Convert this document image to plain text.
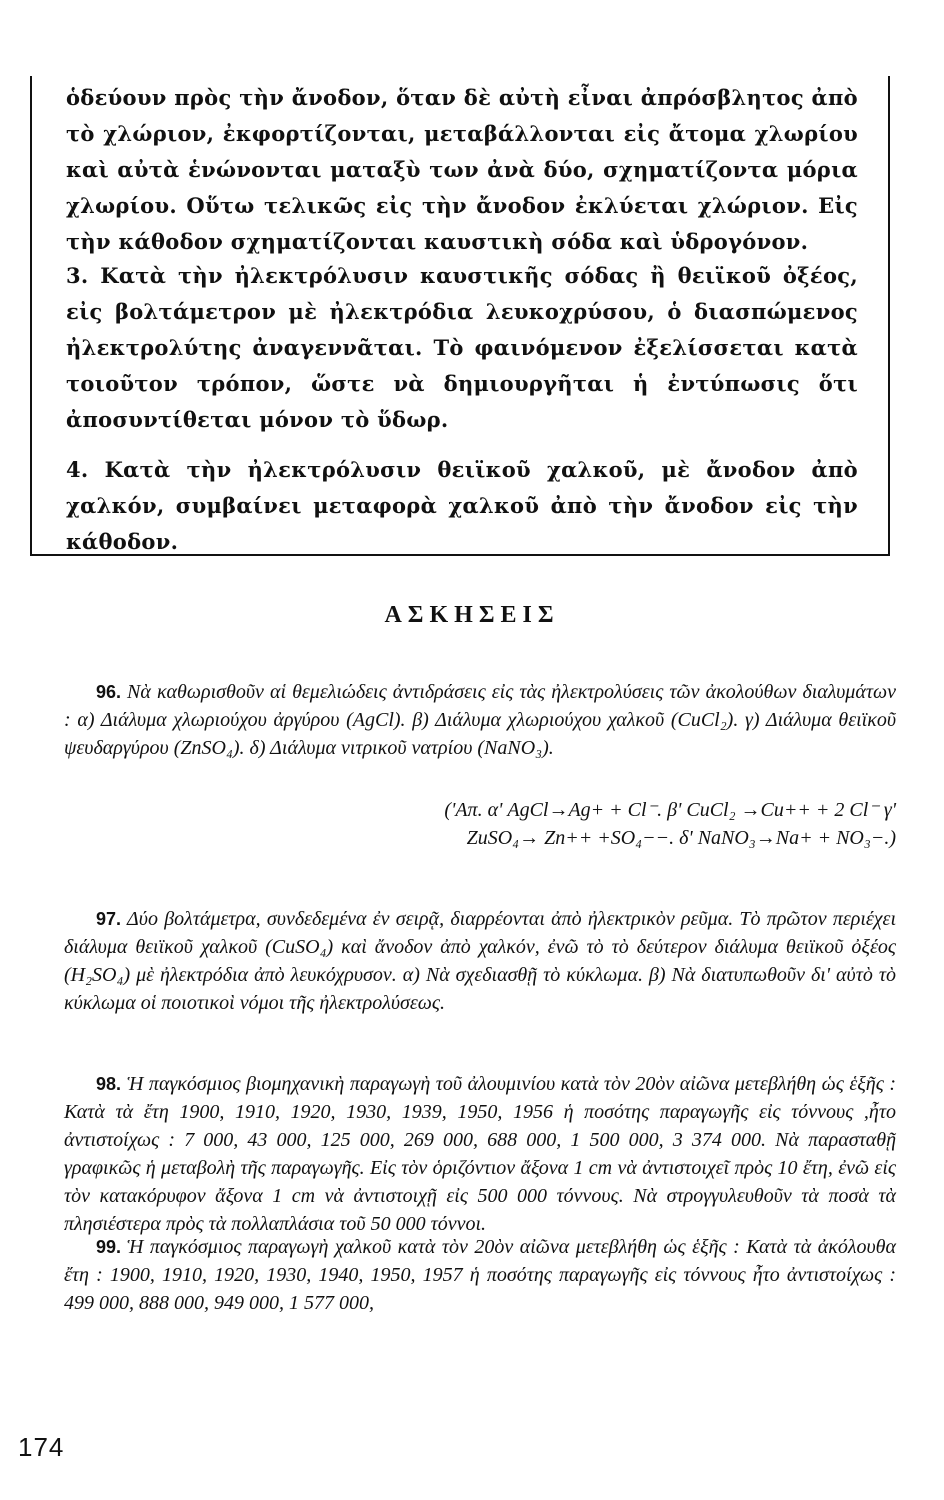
ὁδεύουν πρὸς τὴν ἄνοδον, ὅταν δὲ αὐτὴ εἶναι ἀπρόσβλητος ἀπὸ τὸ χλώριον, ἐκφορτίζονται, μεταβάλλονται εἰς ἄτομα χλωρίου καὶ αὐτὰ ἑνώνονται ματαξὺ των ἀνὰ δύο, σχηματίζοντα μόρια χλωρίου. Οὕτω τελικῶς εἰς τὴν ἄνοδον ἐκλύεται χλώριον. Εἰς τὴν κάθοδον σχηματίζονται καυστικὴ σόδα καὶ ὑδρογόνον.

3. Κατὰ τὴν ἠλεκτρόλυσιν καυστικῆς σόδας ἢ θειϊκοῦ ὀξέος, εἰς βολτάμετρον μὲ ἠλεκτρόδια λευκοχρύσου, ὁ διασπώμενος ἠλεκτρολύτης ἀναγεννᾶται. Τὸ φαινόμενον ἐξελίσσεται κατὰ τοιοῦτον τρόπον, ὥστε νὰ δημιουργῆται ἡ ἐντύπωσις ὅτι ἀποσυντίθεται μόνον τὸ ὕδωρ.

4. Κατὰ τὴν ἠλεκτρόλυσιν θειϊκοῦ χαλκοῦ, μὲ ἄνοδον ἀπὸ χαλκόν, συμβαίνει μεταφορὰ χαλκοῦ ἀπὸ τὴν ἄνοδον εἰς τὴν κάθοδον.

ΑΣΚΗΣΕΙΣ

96. Νὰ καθωρισθοῦν αἱ θεμελιώδεις ἀντιδράσεις εἰς τὰς ἠλεκτρολύσεις τῶν ἀκολούθων διαλυμάτων : α) Διάλυμα χλωριούχου ἀργύρου (AgCl). β) Διάλυμα χλωριούχου χαλκοῦ (CuCl₂). γ) Διάλυμα θειϊκοῦ ψευδαργύρου (ZnSO₄). δ) Διάλυμα νιτρικοῦ νατρίου (NaNO₃).

('Απ. α' AgCl→Ag+ + Cl⁻. β' CuCl₂ →Cu++ + 2 Cl⁻ γ' ZuSO₄→ Zn++ +SO₄−−. δ' NaNO₃→Na+ + NO₃−.)

97. Δύο βολτάμετρα, συνδεδεμένα ἐν σειρᾷ, διαρρέονται ἀπὸ ἠλεκτρικὸν ρεῦμα. Τὸ πρῶτον περιέχει διάλυμα θειϊκοῦ χαλκοῦ (CuSO₄) καὶ ἄνοδον ἀπὸ χαλκόν, ἐνῶ τὸ τὸ δεύτερον διάλυμα θειϊκοῦ ὀξέος (H₂SO₄) μὲ ἠλεκτρόδια ἀπὸ λευκόχρυσον. α) Νὰ σχεδιασθῇ τὸ κύκλωμα. β) Νὰ διατυπωθοῦν δι' αὐτὸ τὸ κύκλωμα οἱ ποιοτικοὶ νόμοι τῆς ἠλεκτρολύσεως.

98. Ἡ παγκόσμιος βιομηχανικὴ παραγωγὴ τοῦ ἀλουμινίου κατὰ τὸν 20ὸν αἰῶνα μετεβλήθη ὡς ἑξῆς : Κατὰ τὰ ἔτη 1900, 1910, 1920, 1930, 1939, 1950, 1956 ἡ ποσότης παραγωγῆς εἰς τόννους ,ἦτο ἀντιστοίχως : 7 000, 43 000, 125 000, 269 000, 688 000, 1 500 000, 3 374 000. Νὰ παρασταθῇ γραφικῶς ἡ μεταβολὴ τῆς παραγωγῆς. Εἰς τὸν ὁριζόντιον ἄξονα 1 cm νὰ ἀντιστοιχεῖ πρὸς 10 ἔτη, ἐνῶ εἰς τὸν κατακόρυφον ἄξονα 1 cm νὰ ἀντιστοιχῇ εἰς 500 000 τόννους. Νὰ στρογγυλευθοῦν τὰ ποσὰ τὰ πλησιέστερα πρὸς τὰ πολλαπλάσια τοῦ 50 000 τόννοι.

99. Ἡ παγκόσμιος παραγωγὴ χαλκοῦ κατὰ τὸν 20ὸν αἰῶνα μετεβλήθη ὡς ἑξῆς : Κατὰ τὰ ἀκόλουθα ἔτη : 1900, 1910, 1920, 1930, 1940, 1950, 1957 ἡ ποσότης παραγωγῆς εἰς τόννους ἦτο ἀντιστοίχως : 499 000, 888 000, 949 000, 1 577 000,

174
